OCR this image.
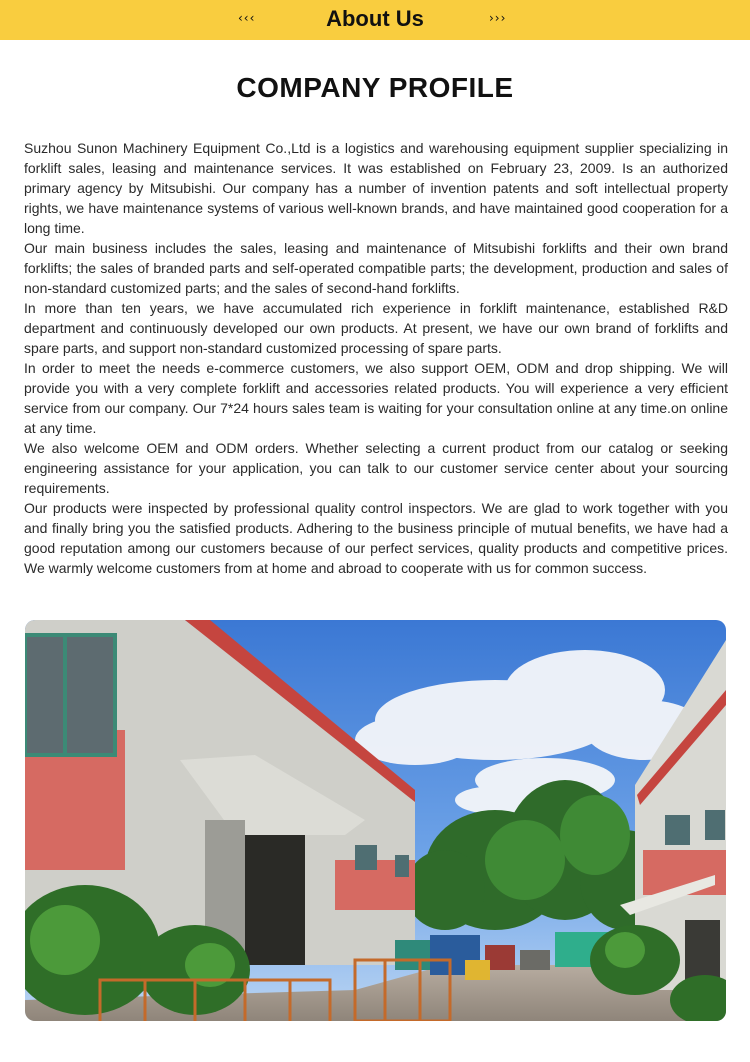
‹‹‹	About Us	›››
COMPANY PROFILE

Suzhou Sunon Machinery Equipment Co.,Ltd is a logistics and warehousing equipment supplier specializing in forklift sales, leasing and maintenance services. It was established on February 23, 2009. Is an authorized primary agency by Mitsubishi. Our company has a number of invention patents and soft intellectual property rights, we have maintenance systems of various well-known brands, and have maintained good cooperation for a long time.

Our main business includes the sales, leasing and maintenance of Mitsubishi forklifts and their own brand forklifts; the sales of branded parts and self-operated compatible parts; the development, production and sales of non-standard customized parts; and the sales of second-hand forklifts.

In more than ten years, we have accumulated rich experience in forklift maintenance, established R&D department and continuously developed our own products. At present, we have our own brand of forklifts and spare parts, and support non-standard customized processing of spare parts.

In order to meet the needs e-commerce customers, we also support OEM, ODM and drop shipping. We will provide you with a very complete forklift and accessories related products. You will experience a very efficient service from our company. Our 7*24 hours sales team is waiting for your consultation online at any time.on online at any time.

We also welcome OEM and ODM orders. Whether selecting a current product from our catalog or seeking engineering assistance for your application, you can talk to our customer service center about your sourcing requirements.

Our products were inspected by professional quality control inspectors. We are glad to work together with you and finally bring you the satisfied products. Adhering to the business principle of mutual benefits, we have had a good reputation among our customers because of our perfect services, quality products and competitive prices. We warmly welcome customers from at home and abroad to cooperate with us for common success.
